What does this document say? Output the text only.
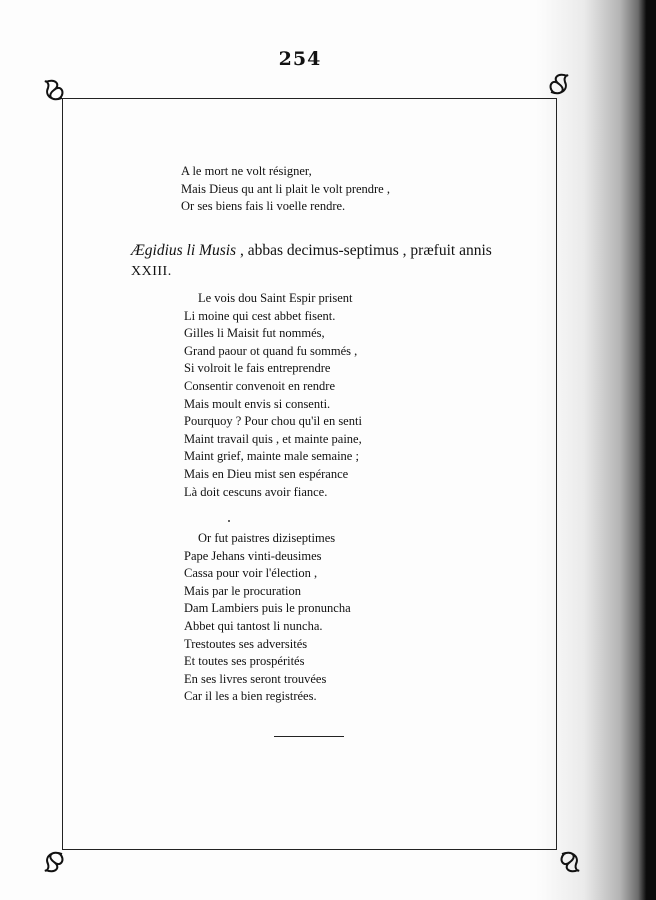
254
A le mort ne volt résigner,
Mais Dieus qu ant li plait le volt prendre ,
Or ses biens fais li voelle rendre.
Ægidius li Musis , abbas decimus-septimus , præfuit annis
XXIII.
Le vois dou Saint Espir prisent
Li moine qui cest abbet fisent.
Gilles li Maisit fut nommés,
Grand paour ot quand fu sommés ,
Si volroit le fais entreprendre
Consentir convenoit en rendre
Mais moult envis si consenti.
Pourquoy ? Pour chou qu'il en senti
Maint travail quis , et mainte paine,
Maint grief, mainte male semaine ;
Mais en Dieu mist sen espérance
Là doit cescuns avoir fiance.
Or fut paistres diziseptimes
Pape Jehans vinti-deusimes
Cassa pour voir l'élection ,
Mais par le procuration
Dam Lambiers puis le pronuncha
Abbet qui tantost li nuncha.
Trestoutes ses adversités
Et toutes ses prospérités
En ses livres seront trouvées
Car il les a bien registrées.
